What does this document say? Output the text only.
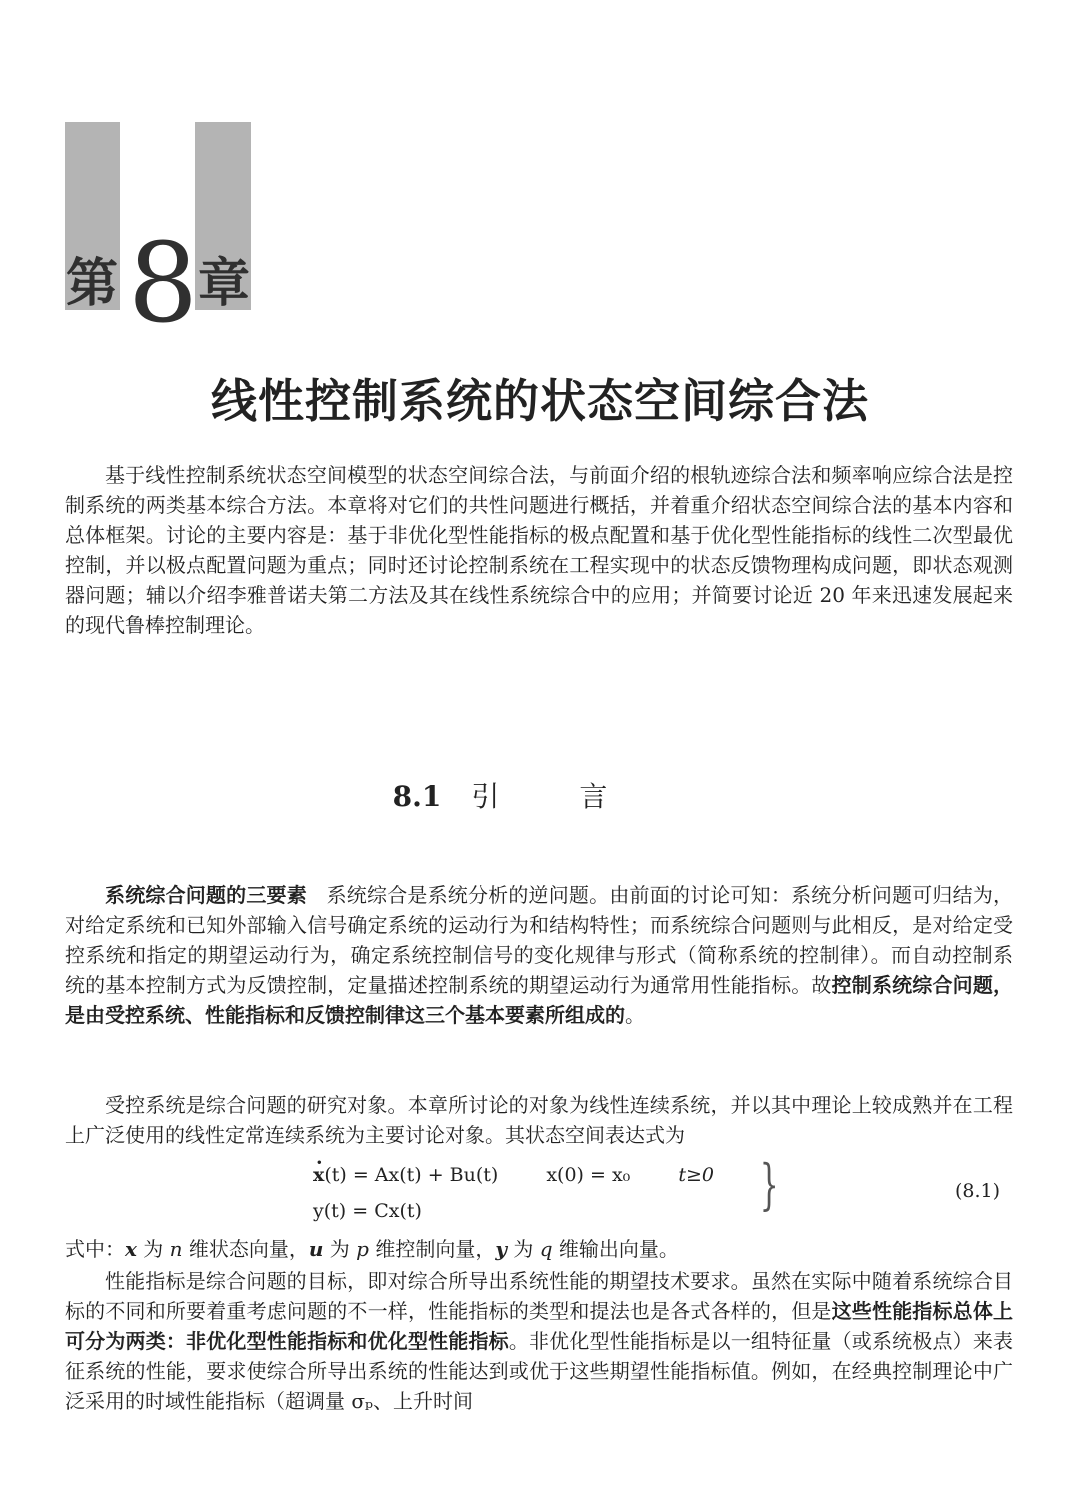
第 8 章
线性控制系统的状态空间综合法

基于线性控制系统状态空间模型的状态空间综合法，与前面介绍的根轨迹综合法和频率响应综合法是控制系统的两类基本综合方法。本章将对它们的共性问题进行概括，并着重介绍状态空间综合法的基本内容和总体框架。讨论的主要内容是：基于非优化型性能指标的极点配置和基于优化型性能指标的线性二次型最优控制，并以极点配置问题为重点；同时还讨论控制系统在工程实现中的状态反馈物理构成问题，即状态观测器问题；辅以介绍李雅普诺夫第二方法及其在线性系统综合中的应用；并简要讨论近 20 年来迅速发展起来的现代鲁棒控制理论。

8.1 引言

系统综合问题的三要素 系统综合是系统分析的逆问题。由前面的讨论可知：系统分析问题可归结为，对给定系统和已知外部输入信号确定系统的运动行为和结构特性；而系统综合问题则与此相反，是对给定受控系统和指定的期望运动行为，确定系统控制信号的变化规律与形式（简称系统的控制律）。而自动控制系统的基本控制方式为反馈控制，定量描述控制系统的期望运动行为通常用性能指标。故控制系统综合问题，是由受控系统、性能指标和反馈控制律这三个基本要素所组成的。

受控系统是综合问题的研究对象。本章所讨论的对象为线性连续系统，并以其中理论上较成熟并在工程上广泛使用的线性定常连续系统为主要讨论对象。其状态空间表达式为

· x(t) = Ax(t) + Bu(t)	x(0) = x₀	t≥0
y(t) = Cx(t)	}	(8.1)

式中：x 为 n 维状态向量，u 为 p 维控制向量，y 为 q 维输出向量。

性能指标是综合问题的目标，即对综合所导出系统性能的期望技术要求。虽然在实际中随着系统综合目标的不同和所要着重考虑问题的不一样，性能指标的类型和提法也是各式各样的，但是这些性能指标总体上可分为两类：非优化型性能指标和优化型性能指标。非优化型性能指标是以一组特征量（或系统极点）来表征系统的性能，要求使综合所导出系统的性能达到或优于这些期望性能指标值。例如，在经典控制理论中广泛采用的时域性能指标（超调量 σₚ、上升时间
